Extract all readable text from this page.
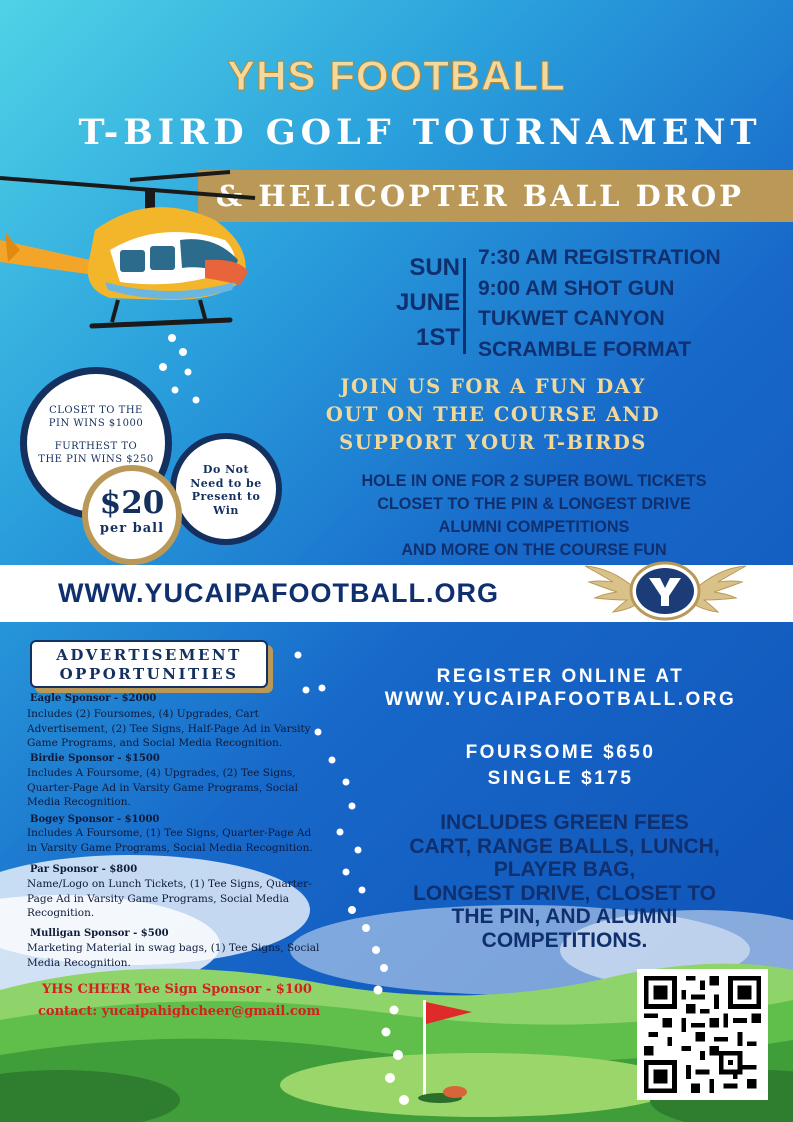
YHS FOOTBALL
T-BIRD GOLF TOURNAMENT
& HELICOPTER BALL DROP
SUN
JUNE
1ST
7:30 AM REGISTRATION
9:00 AM SHOT GUN
TUKWET CANYON
SCRAMBLE FORMAT
JOIN US FOR A FUN DAY
OUT ON THE COURSE AND
SUPPORT YOUR T-BIRDS
HOLE IN ONE FOR 2 SUPER BOWL TICKETS
CLOSET TO THE PIN & LONGEST DRIVE
ALUMNI COMPETITIONS
AND MORE ON THE COURSE FUN
CLOSET TO THE
PIN WINS $1000
FURTHEST TO
THE PIN WINS $250
Do Not
Need to be
Present to
Win
$20
per ball
WWW.YUCAIPAFOOTBALL.ORG
ADVERTISEMENT
OPPORTUNITIES
Eagle Sponsor - $2000
Includes (2) Foursomes, (4) Upgrades, Cart
Advertisement, (2) Tee Signs, Half-Page Ad in Varsity
Game Programs, and Social Media Recognition.
Birdie Sponsor - $1500
Includes A Foursome, (4) Upgrades, (2) Tee Signs,
Quarter-Page Ad in Varsity Game Programs, Social
Media Recognition.
Bogey Sponsor - $1000
Includes A Foursome, (1) Tee Signs, Quarter-Page Ad
in Varsity Game Programs, Social Media Recognition.
Par Sponsor - $800
Name/Logo on Lunch Tickets, (1) Tee Signs, Quarter-
Page Ad in Varsity Game Programs, Social Media
Recognition.
Mulligan Sponsor - $500
Marketing Material in swag bags, (1) Tee Signs, Social
Media Recognition.
YHS CHEER Tee Sign Sponsor - $100
contact: yucaipahighcheer@gmail.com
REGISTER ONLINE AT
WWW.YUCAIPAFOOTBALL.ORG
FOURSOME $650
SINGLE $175
INCLUDES GREEN FEES
CART, RANGE BALLS, LUNCH,
PLAYER BAG,
LONGEST DRIVE, CLOSET TO
THE PIN, AND ALUMNI
COMPETITIONS.
